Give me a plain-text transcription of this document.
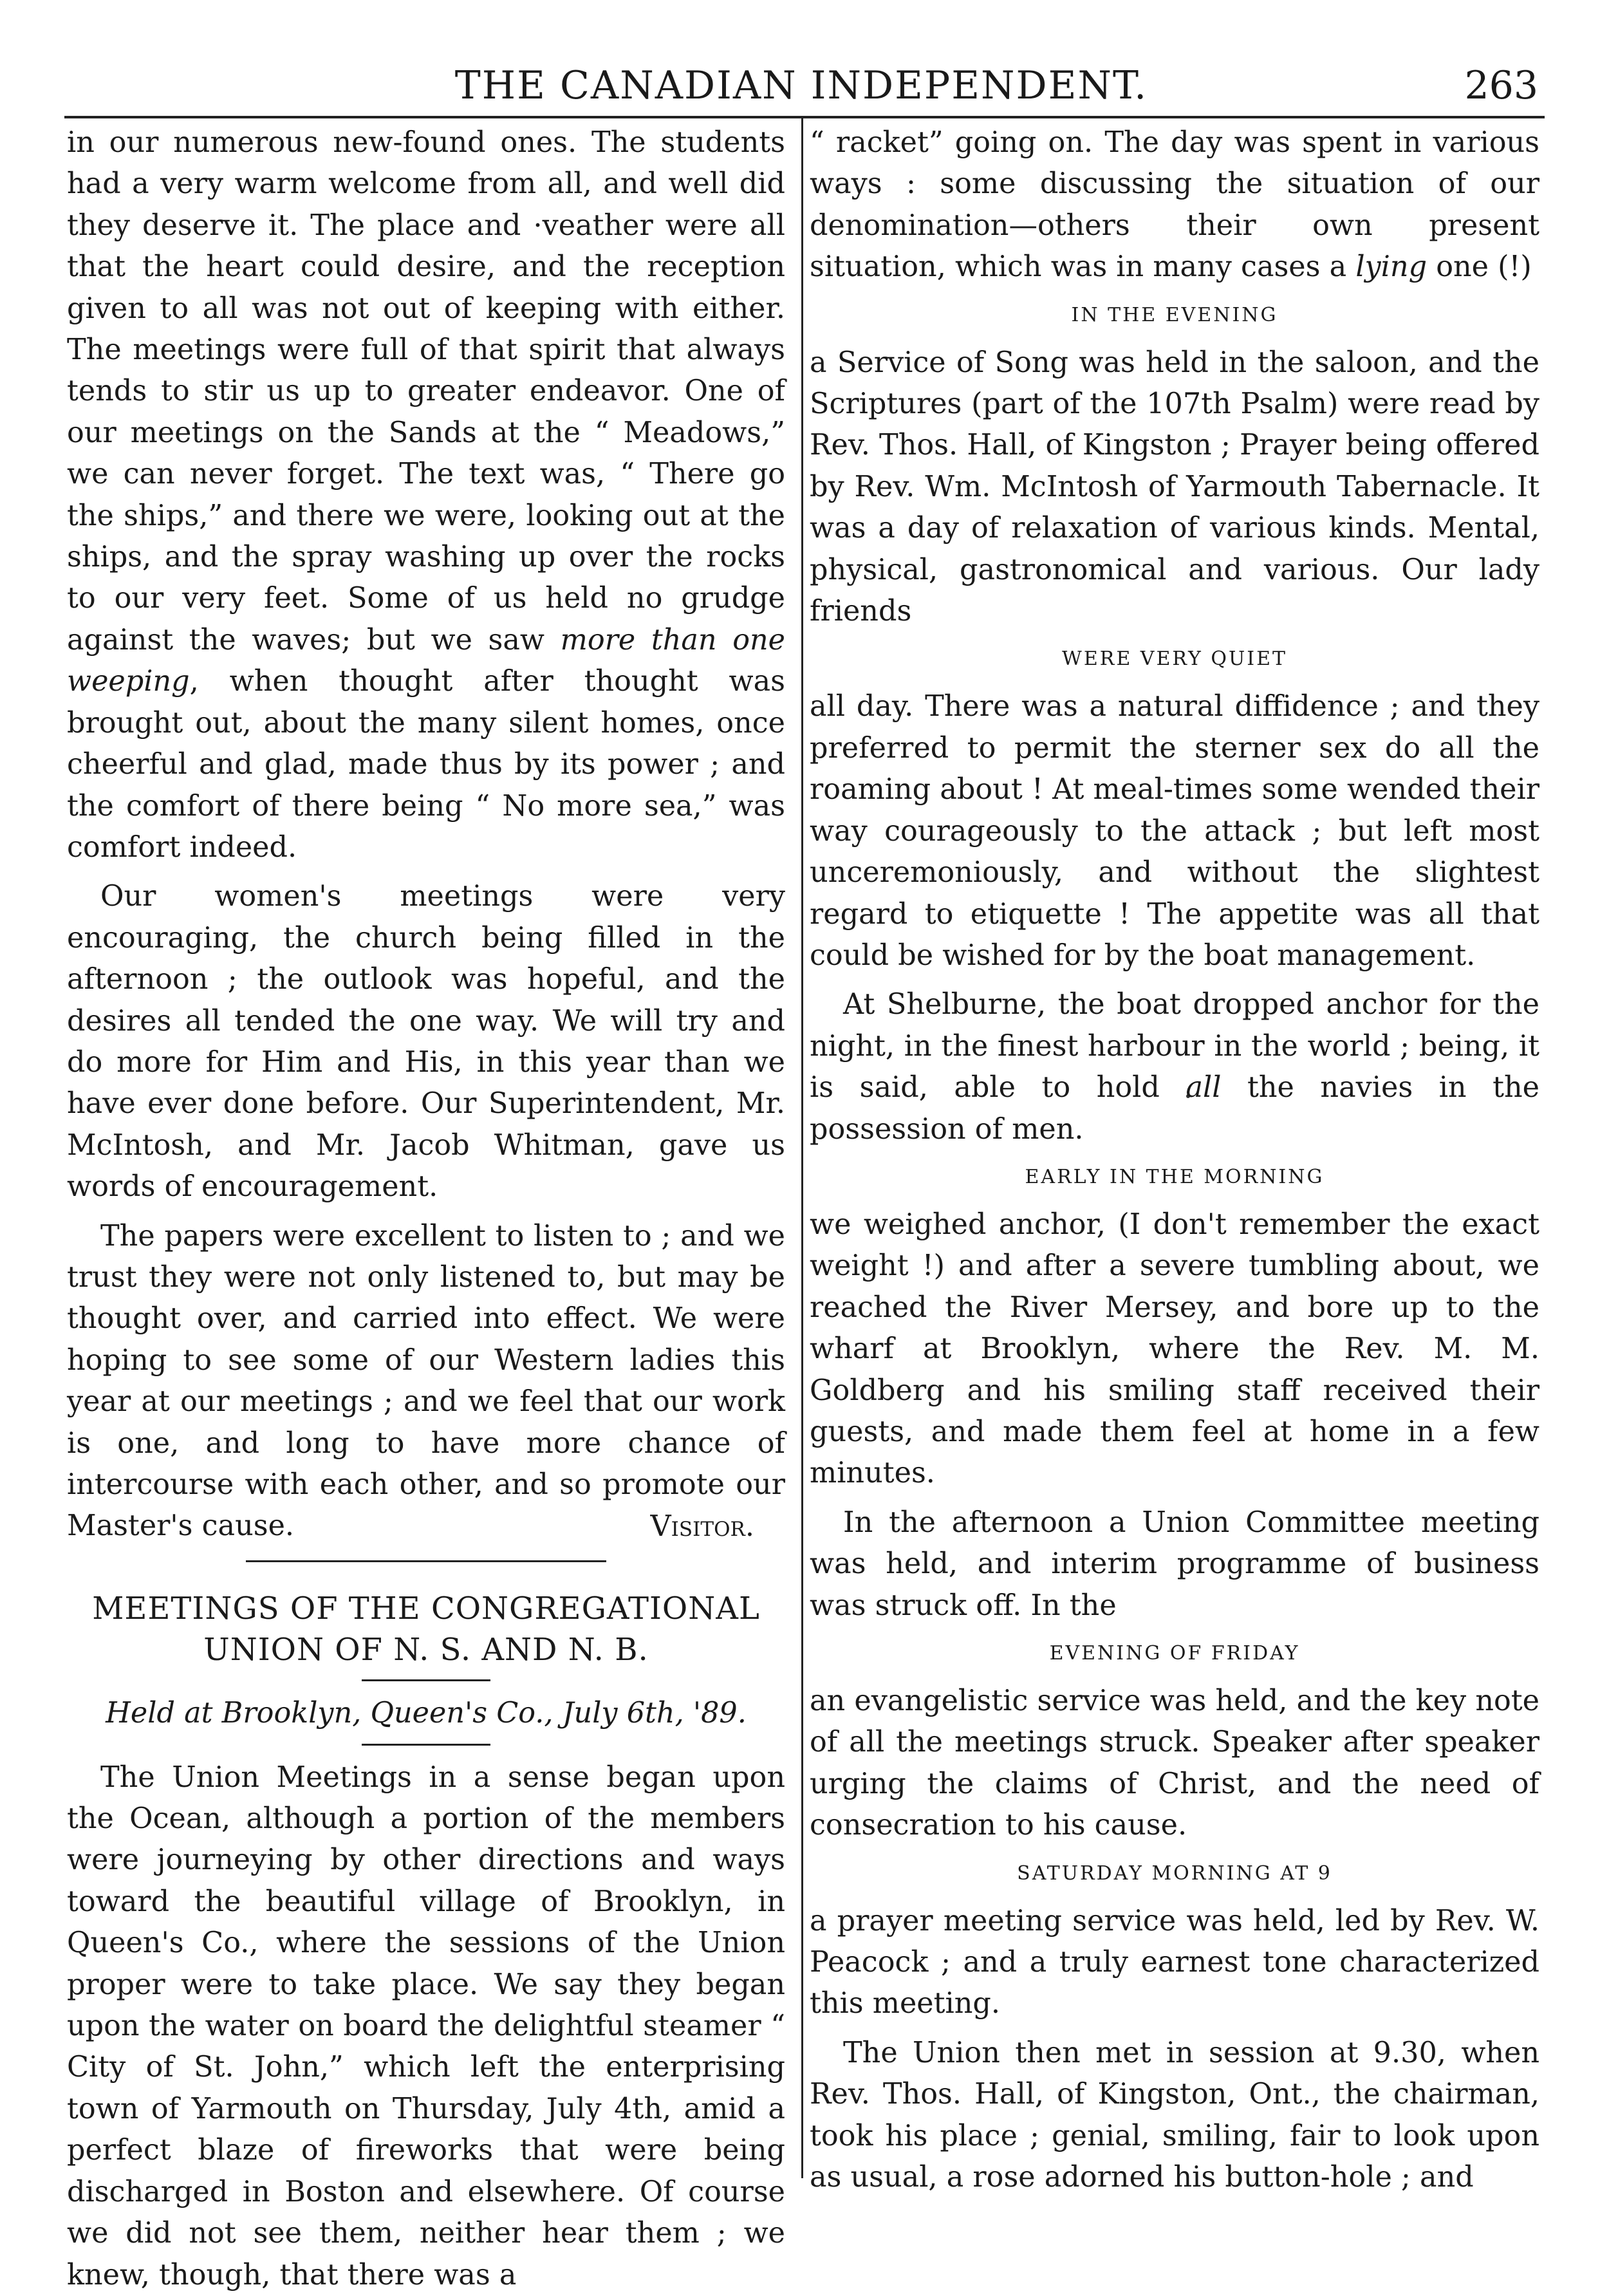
THE CANADIAN INDEPENDENT.	263

in our numerous new-found ones. The students had a very warm welcome from all, and well did they deserve it. The place and ·veather were all that the heart could desire, and the reception given to all was not out of keeping with either. The meetings were full of that spirit that always tends to stir us up to greater endeavor. One of our meetings on the Sands at the “ Meadows,” we can never forget. The text was, “ There go the ships,” and there we were, looking out at the ships, and the spray washing up over the rocks to our very feet. Some of us held no grudge against the waves; but we saw more than one weeping, when thought after thought was brought out, about the many silent homes, once cheerful and glad, made thus by its power ; and the comfort of there being “ No more sea,” was comfort indeed.

Our women's meetings were very encouraging, the church being filled in the afternoon ; the outlook was hopeful, and the desires all tended the one way. We will try and do more for Him and His, in this year than we have ever done before. Our Superintendent, Mr. McIntosh, and Mr. Jacob Whitman, gave us words of encouragement.

The papers were excellent to listen to ; and we trust they were not only listened to, but may be thought over, and carried into effect. We were hoping to see some of our Western ladies this year at our meetings ; and we feel that our work is one, and long to have more chance of intercourse with each other, and so promote our Master's cause.	Visitor.
MEETINGS OF THE CONGREGATIONAL
UNION OF N. S. AND N. B.
Held at Brooklyn, Queen's Co., July 6th, '89.

The Union Meetings in a sense began upon the Ocean, although a portion of the members were journeying by other directions and ways toward the beautiful village of Brooklyn, in Queen's Co., where the sessions of the Union proper were to take place. We say they began upon the water on board the delightful steamer “ City of St. John,” which left the enterprising town of Yarmouth on Thursday, July 4th, amid a perfect blaze of fireworks that were being discharged in Boston and elsewhere. Of course we did not see them, neither hear them ; we knew, though, that there was a

“ racket” going on. The day was spent in various ways : some discussing the situation of our denomination—others their own present situation, which was in many cases a lying one (!)

IN THE EVENING

a Service of Song was held in the saloon, and the Scriptures (part of the 107th Psalm) were read by Rev. Thos. Hall, of Kingston ; Prayer being offered by Rev. Wm. McIntosh of Yarmouth Tabernacle. It was a day of relaxation of various kinds. Mental, physical, gastronomical and various. Our lady friends

WERE VERY QUIET

all day. There was a natural diffidence ; and they preferred to permit the sterner sex do all the roaming about ! At meal-times some wended their way courageously to the attack ; but left most unceremoniously, and without the slightest regard to etiquette ! The appetite was all that could be wished for by the boat management.

At Shelburne, the boat dropped anchor for the night, in the finest harbour in the world ; being, it is said, able to hold all the navies in the possession of men.

EARLY IN THE MORNING

we weighed anchor, (I don't remember the exact weight !) and after a severe tumbling about, we reached the River Mersey, and bore up to the wharf at Brooklyn, where the Rev. M. M. Goldberg and his smiling staff received their guests, and made them feel at home in a few minutes.

In the afternoon a Union Committee meeting was held, and interim programme of business was struck off. In the

EVENING OF FRIDAY

an evangelistic service was held, and the key note of all the meetings struck. Speaker after speaker urging the claims of Christ, and the need of consecration to his cause.

SATURDAY MORNING AT 9

a prayer meeting service was held, led by Rev. W. Peacock ; and a truly earnest tone characterized this meeting.

The Union then met in session at 9.30, when Rev. Thos. Hall, of Kingston, Ont., the chairman, took his place ; genial, smiling, fair to look upon as usual, a rose adorned his button-hole ; and
